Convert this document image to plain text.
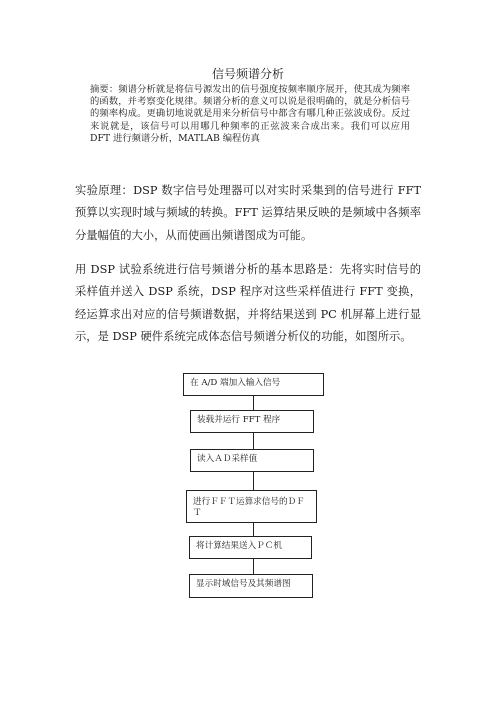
信号频谱分析
摘要：频谱分析就是将信号源发出的信号强度按频率顺序展开，使其成为频率的函数，并考察变化规律。频谱分析的意义可以说是很明确的，就是分析信号的频率构成。更确切地说就是用来分析信号中都含有哪几种正弦波成份。反过来说就是，该信号可以用哪几种频率的正弦波来合成出来。我们可以应用 DFT 进行频谱分析，MATLAB 编程仿真
实验原理：DSP 数字信号处理器可以对实时采集到的信号进行 FFT 预算以实现时域与频域的转换。FFT 运算结果反映的是频域中各频率分量幅值的大小，从而使画出频谱图成为可能。
用 DSP 试验系统进行信号频谱分析的基本思路是：先将实时信号的采样值并送入 DSP 系统，DSP 程序对这些采样值进行 FFT 变换，经运算求出对应的信号频谱数据，并将结果送到 PC 机屏幕上进行显示，是 DSP 硬件系统完成体态信号频谱分析仪的功能，如图所示。
在 A/D 端加入输入信号
装载并运行 FFT 程序
读入ＡＤ采样值
进行ＦＦＴ运算求信号的ＤＦＴ
将计算结果送入ＰＣ机
显示时域信号及其频谱图
